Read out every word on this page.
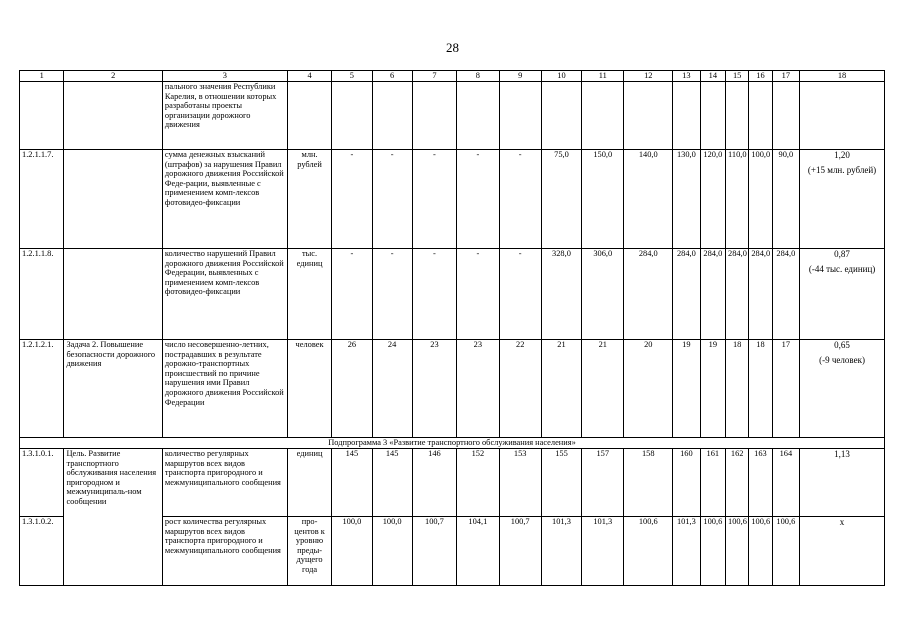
28
1	2	3	4	5	6	7	8	9	10	11	12	13	14	15	16	17	18
		пального значения Республики Карелия, в отношении которых разработаны проекты организации дорожного движения															

1.2.1.1.7.		сумма денежных взысканий (штрафов) за нарушения Правил дорожного движения Российской Феде-рации, выявленные с применением комп-лексов фотовидео-фиксации	млн. рублей	-	-	-	-	-	75,0	150,0	140,0	130,0	120,0	110,0	100,0	90,0	1,20
(+15 млн. рублей)

1.2.1.1.8.		количество нарушений Правил дорожного движения Российской Федерации, выявленных с применением комп-лексов фотовидео-фиксации	тыс. единиц	-	-	-	-	-	328,0	306,0	284,0	284,0	284,0	284,0	284,0	284,0	0,87
(-44 тыс. единиц)

1.2.1.2.1.	Задача 2. Повышение безопасности дорожного движения	число несовершенно-летних, пострадавших в результате дорожно-транспортных происшествий по причине нарушения ими Правил дорожного движения Российской Федерации	человек	26	24	23	23	22	21	21	20	19	19	18	18	17	0,65
(-9 человек)

Подпрограмма 3 «Развитие транспортного обслуживания населения»																	
1.3.1.0.1.	Цель. Развитие транспортного обслуживания населения пригородном и межмуниципаль-ном сообщении	количество регулярных маршрутов всех видов транспорта пригородного и межмуниципального сообщения	единиц	145	145	146	152	153	155	157	158	160	161	162	163	164	1,13
1.3.1.0.2.		рост количества регулярных маршрутов всех видов транспорта пригородного и межмуниципального сообщения	про-центов к уровню преды-дущего года	100,0	100,0	100,7	104,1	100,7	101,3	101,3	100,6	101,3	100,6	100,6	100,6	100,6	х
